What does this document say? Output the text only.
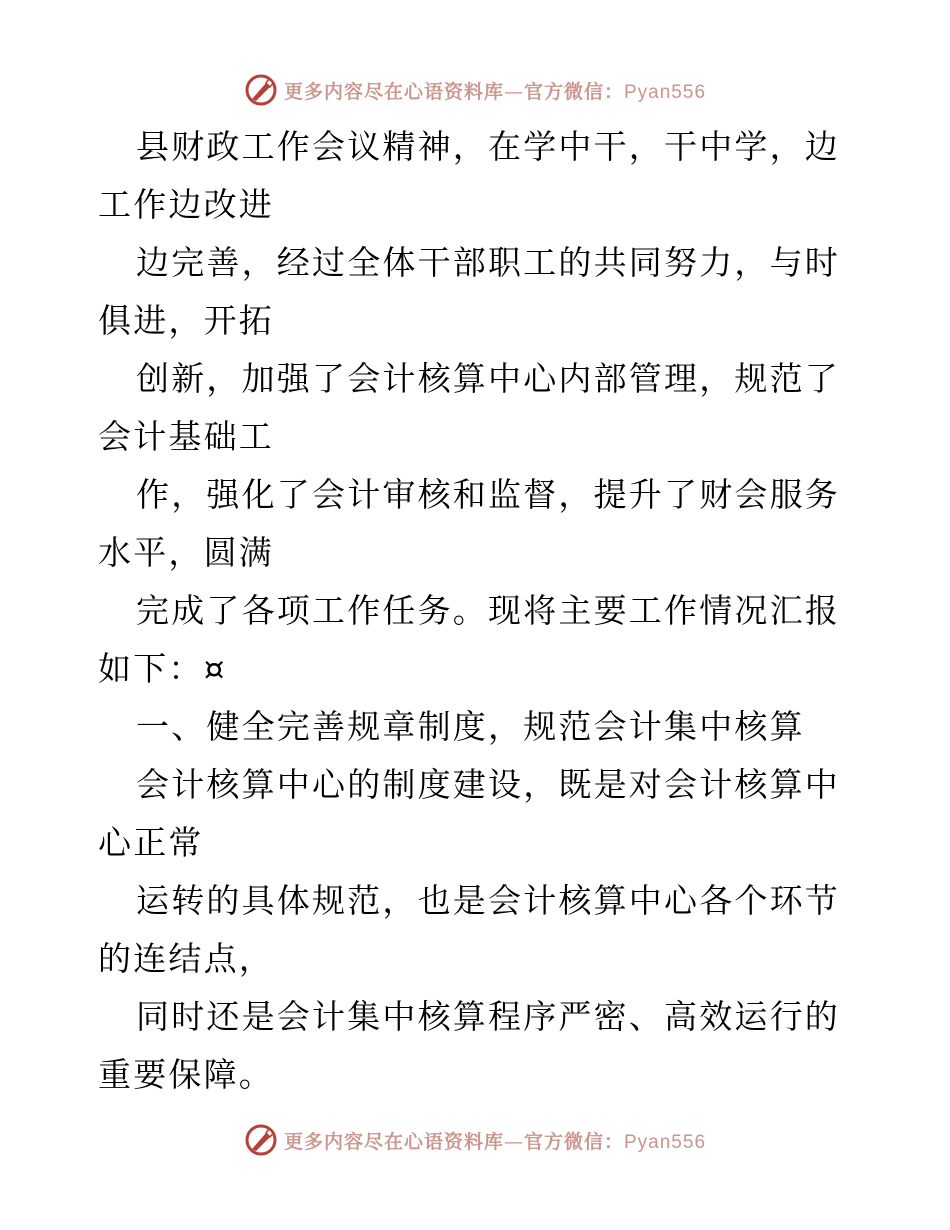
更多内容尽在心语资料库—官方微信：Pyan556

县财政工作会议精神，在学中干，干中学，边工作边改进

边完善，经过全体干部职工的共同努力，与时俱进，开拓

创新，加强了会计核算中心内部管理，规范了会计基础工

作，强化了会计审核和监督，提升了财会服务水平，圆满

完成了各项工作任务。现将主要工作情况汇报如下：¤

一、健全完善规章制度，规范会计集中核算

会计核算中心的制度建设，既是对会计核算中心正常

运转的具体规范，也是会计核算中心各个环节的连结点，

同时还是会计集中核算程序严密、高效运行的重要保障。

更多内容尽在心语资料库—官方微信：Pyan556
